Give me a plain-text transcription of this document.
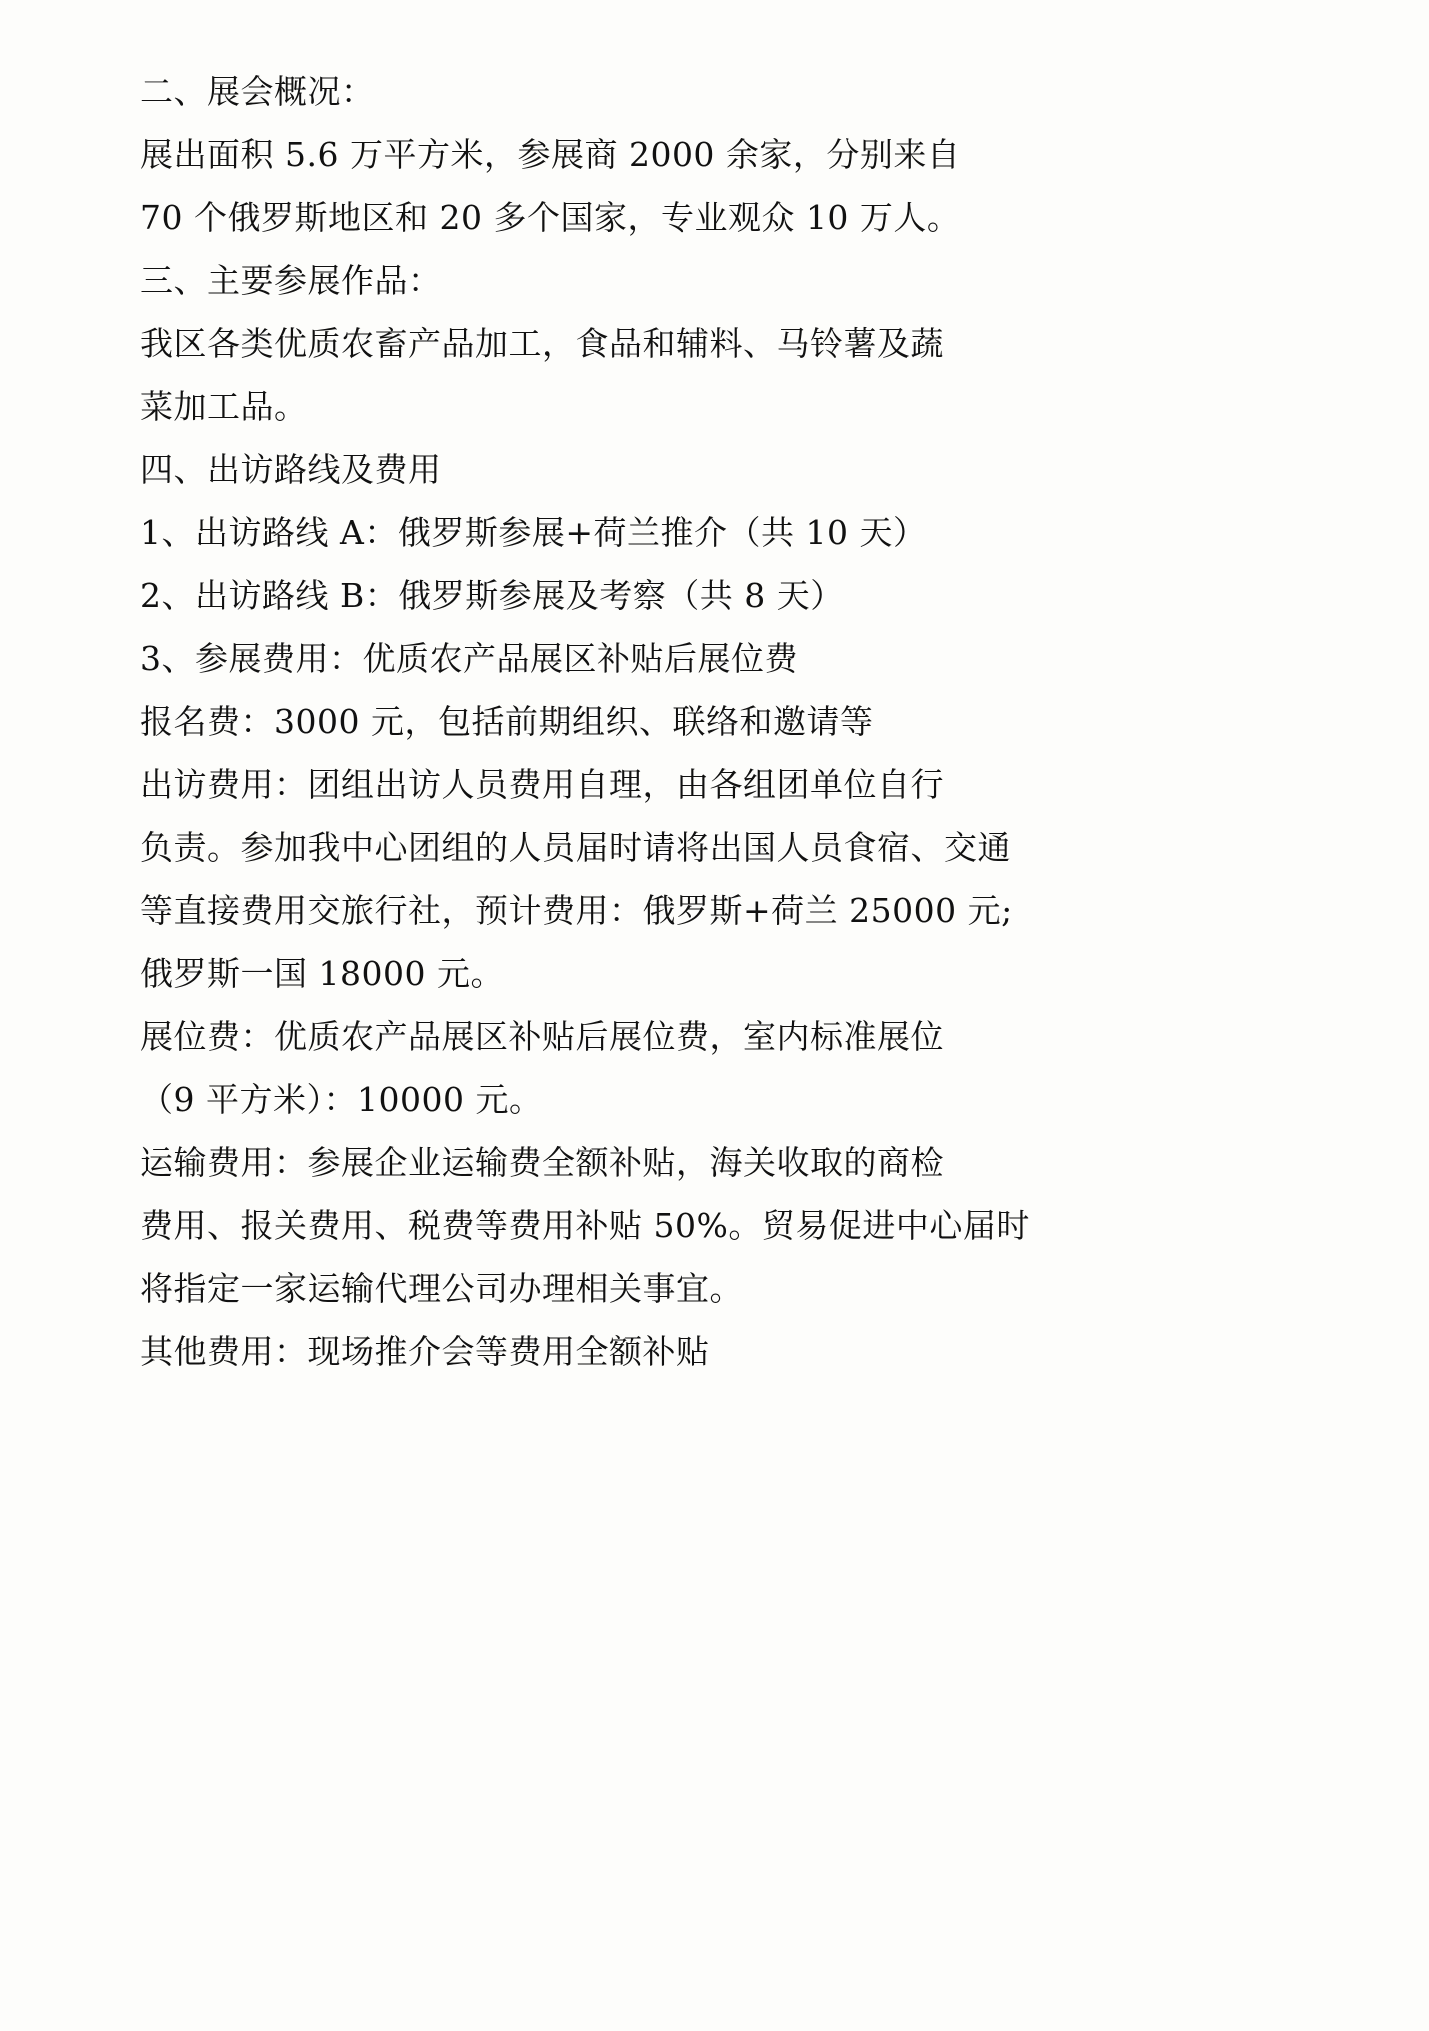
二、展会概况：

展出面积 5.6 万平方米，参展商 2000 余家，分别来自
70 个俄罗斯地区和 20 多个国家，专业观众 10 万人。

三、主要参展作品：

我区各类优质农畜产品加工，食品和辅料、马铃薯及蔬
菜加工品。

四、出访路线及费用

1、出访路线 A：俄罗斯参展+荷兰推介（共 10 天）

2、出访路线 B：俄罗斯参展及考察（共 8 天）

3、参展费用：优质农产品展区补贴后展位费

报名费：3000 元，包括前期组织、联络和邀请等

出访费用：团组出访人员费用自理，由各组团单位自行
负责。参加我中心团组的人员届时请将出国人员食宿、交通
等直接费用交旅行社，预计费用：俄罗斯+荷兰 25000 元;
俄罗斯一国 18000 元。

展位费：优质农产品展区补贴后展位费，室内标准展位
（9 平方米）：10000 元。

运输费用：参展企业运输费全额补贴，海关收取的商检
费用、报关费用、税费等费用补贴 50%。贸易促进中心届时
将指定一家运输代理公司办理相关事宜。

其他费用：现场推介会等费用全额补贴
